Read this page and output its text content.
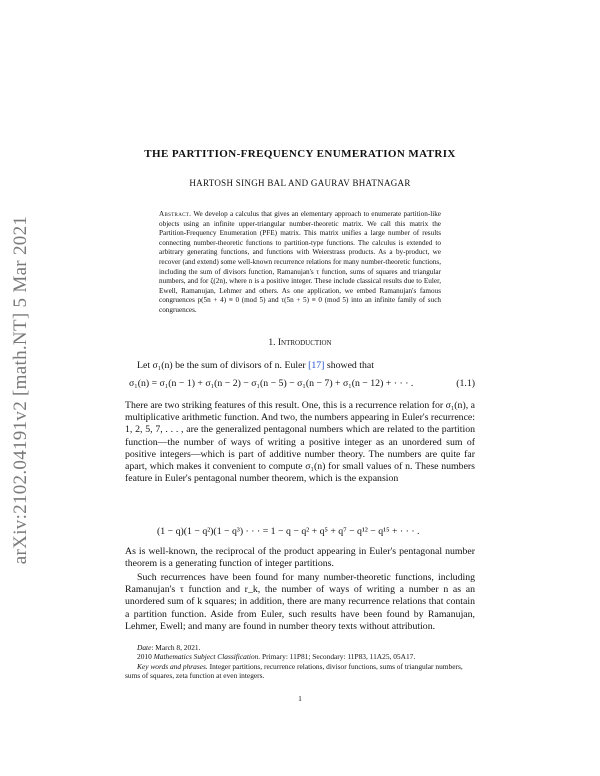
arXiv:2102.04191v2 [math.NT] 5 Mar 2021
THE PARTITION-FREQUENCY ENUMERATION MATRIX
HARTOSH SINGH BAL AND GAURAV BHATNAGAR
Abstract. We develop a calculus that gives an elementary approach to enumerate partition-like objects using an infinite upper-triangular number-theoretic matrix. We call this matrix the Partition-Frequency Enumeration (PFE) matrix. This matrix unifies a large number of results connecting number-theoretic functions to partition-type functions. The calculus is extended to arbitrary generating functions, and functions with Weierstrass products. As a by-product, we recover (and extend) some well-known recurrence relations for many number-theoretic functions, including the sum of divisors function, Ramanujan's τ function, sums of squares and triangular numbers, and for ζ(2n), where n is a positive integer. These include classical results due to Euler, Ewell, Ramanujan, Lehmer and others. As one application, we embed Ramanujan's famous congruences p(5n + 4) ≡ 0 (mod 5) and τ(5n + 5) ≡ 0 (mod 5) into an infinite family of such congruences.
1. Introduction
Let σ₁(n) be the sum of divisors of n. Euler [17] showed that
σ₁(n) = σ₁(n − 1) + σ₁(n − 2) − σ₁(n − 5) − σ₁(n − 7) + σ₁(n − 12) + · · · .	(1.1)
There are two striking features of this result. One, this is a recurrence relation for σ₁(n), a multiplicative arithmetic function. And two, the numbers appearing in Euler's recurrence: 1, 2, 5, 7, . . . , are the generalized pentagonal numbers which are related to the partition function—the number of ways of writing a positive integer as an unordered sum of positive integers—which is part of additive number theory. The numbers are quite far apart, which makes it convenient to compute σ₁(n) for small values of n. These numbers feature in Euler's pentagonal number theorem, which is the expansion
(1 − q)(1 − q²)(1 − q³) · · · = 1 − q − q² + q⁵ + q⁷ − q¹² − q¹⁵ + · · · .
As is well-known, the reciprocal of the product appearing in Euler's pentagonal number theorem is a generating function of integer partitions.
Such recurrences have been found for many number-theoretic functions, including Ramanujan's τ function and r_k, the number of ways of writing a number n as an unordered sum of k squares; in addition, there are many recurrence relations that contain a partition function. Aside from Euler, such results have been found by Ramanujan, Lehmer, Ewell; and many are found in number theory texts without attribution.

Date: March 8, 2021.

2010 Mathematics Subject Classification. Primary: 11P81; Secondary: 11P83, 11A25, 05A17.

Key words and phrases. Integer partitions, recurrence relations, divisor functions, sums of triangular numbers, sums of squares, zeta function at even integers.

1
